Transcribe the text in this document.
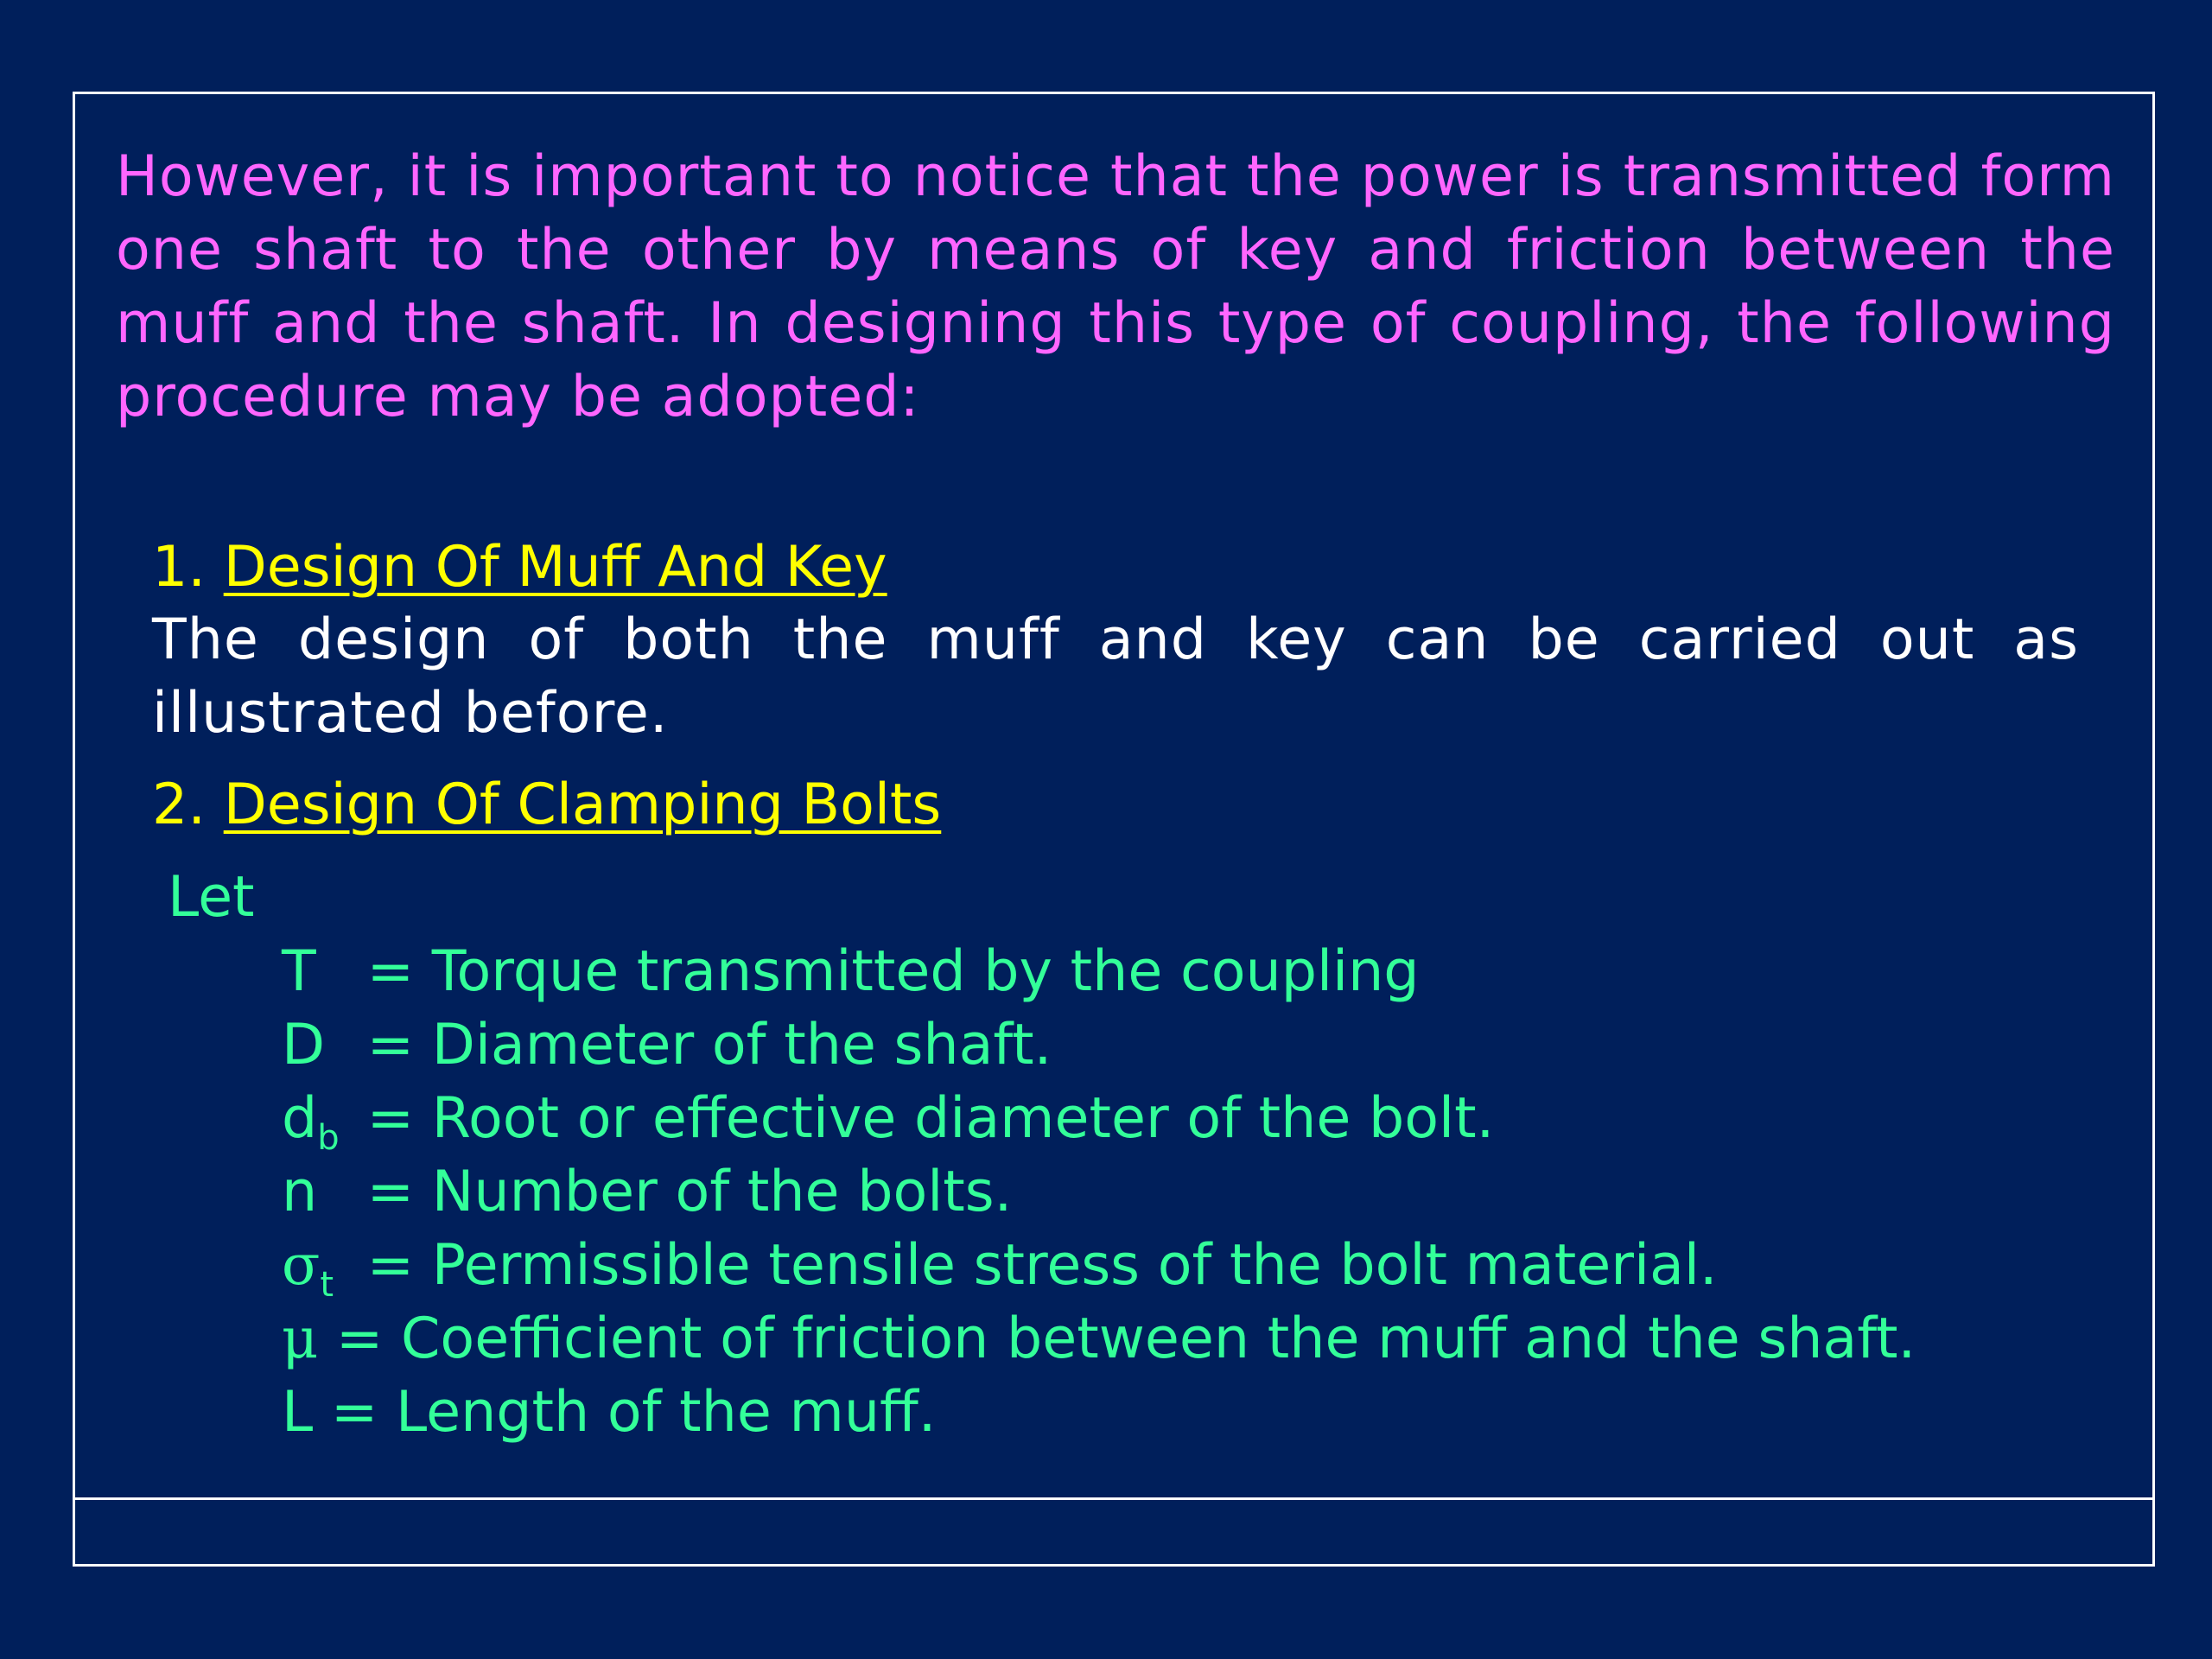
However, it is important to notice that the power is transmitted form one shaft to the other by means of key and friction between the muff and the shaft. In designing this type of coupling, the following procedure may be adopted:

1. Design Of Muff And Key

The design of both the muff and key can be carried out as illustrated before.

2. Design Of Clamping Bolts

Let

T = Torque transmitted by the coupling
D = Diameter of the shaft.
$d_b$ = Root or effective diameter of the bolt.
n = Number of the bolts.
$\sigma_t$ = Permissible tensile stress of the bolt material.
μ = Coefficient of friction between the muff and the shaft.
L = Length of the muff.
